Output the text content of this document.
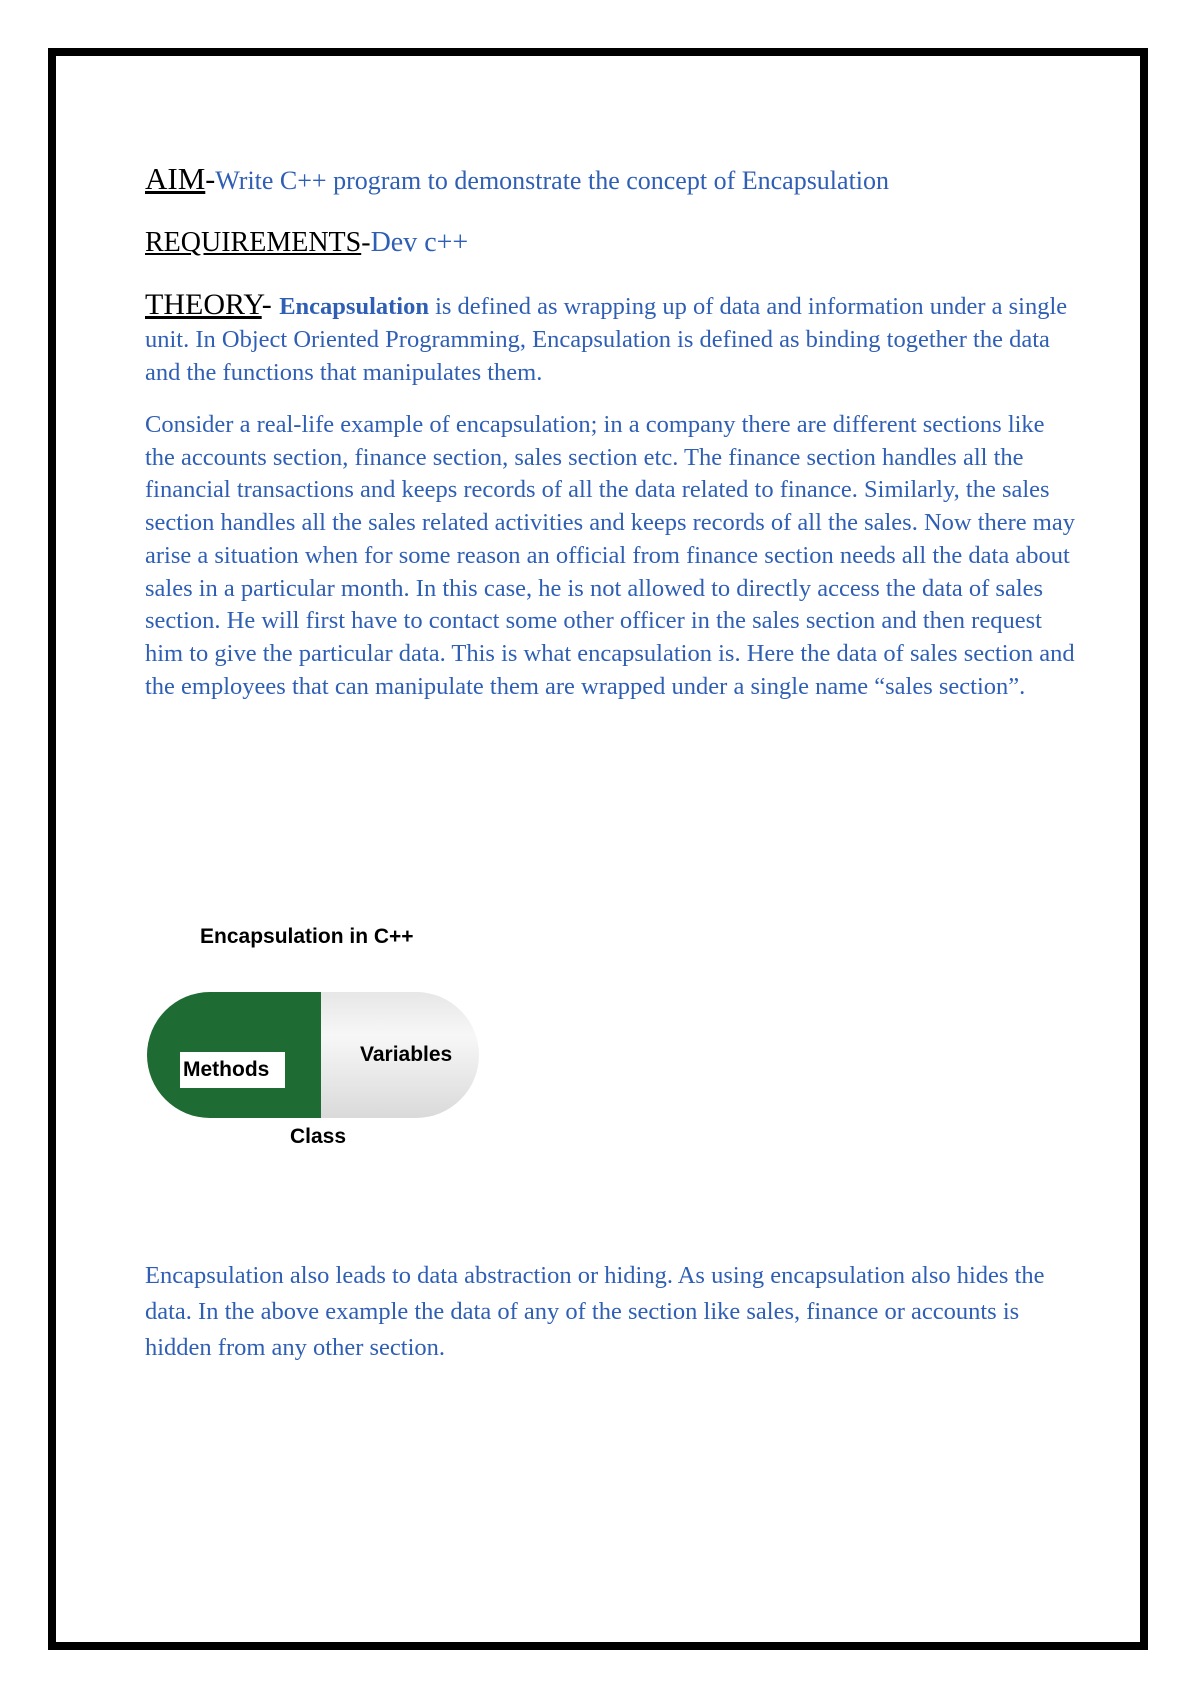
AIM-Write C++ program to demonstrate the concept of Encapsulation

REQUIREMENTS-Dev c++

THEORY- Encapsulation is defined as wrapping up of data and information under a single unit. In Object Oriented Programming, Encapsulation is defined as binding together the data and the functions that manipulates them.

Consider a real-life example of encapsulation; in a company there are different sections like the accounts section, finance section, sales section etc. The finance section handles all the financial transactions and keeps records of all the data related to finance. Similarly, the sales section handles all the sales related activities and keeps records of all the sales. Now there may arise a situation when for some reason an official from finance section needs all the data about sales in a particular month. In this case, he is not allowed to directly access the data of sales section. He will first have to contact some other officer in the sales section and then request him to give the particular data. This is what encapsulation is. Here the data of sales section and the employees that can manipulate them are wrapped under a single name “sales section”.

Encapsulation in C++
Methods
Variables
Class

Encapsulation also leads to data abstraction or hiding. As using encapsulation also hides the data. In the above example the data of any of the section like sales, finance or accounts is hidden from any other section.
